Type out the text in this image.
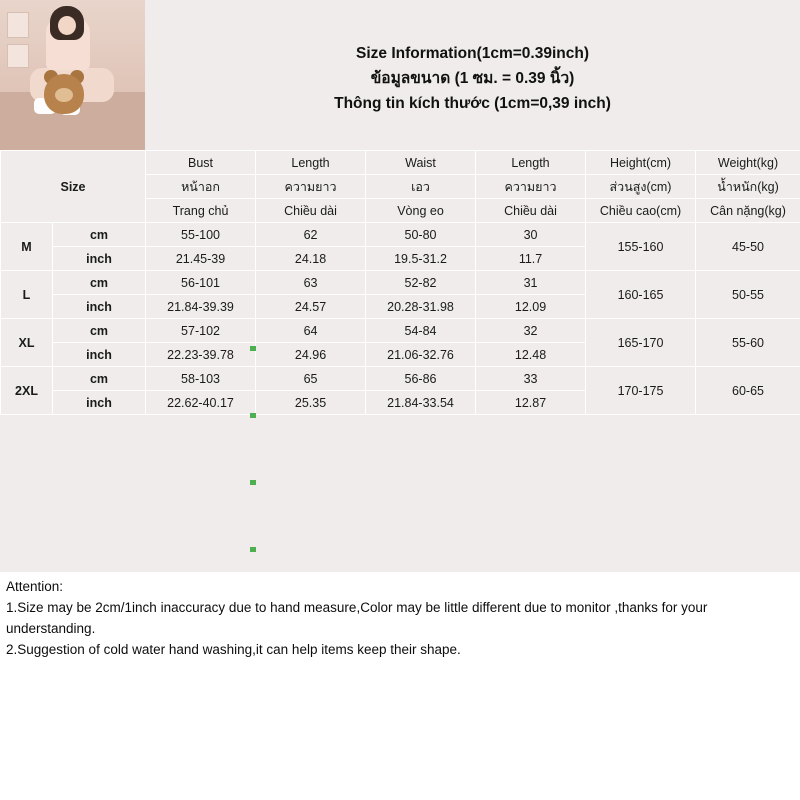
Size Information(1cm=0.39inch)
ข้อมูลขนาด (1 ซม. = 0.39 นิ้ว)
Thông tin kích thước (1cm=0,39 inch)
Size		Bust	Length	Waist	Length	Height(cm)	Weight(kg)
		หน้าอก	ความยาว	เอว	ความยาว	ส่วนสูง(cm)	น้ำหนัก(kg)
		Trang chủ	Chiều dài	Vòng eo	Chiều dài	Chiều cao(cm)	Cân nặng(kg)
M	cm	55-100	62	50-80	30	155-160	45-50
	inch	21.45-39	24.18	19.5-31.2	11.7		
L	cm	56-101	63	52-82	31	160-165	50-55
	inch	21.84-39.39	24.57	20.28-31.98	12.09		
XL	cm	57-102	64	54-84	32	165-170	55-60
	inch	22.23-39.78	24.96	21.06-32.76	12.48		
2XL	cm	58-103	65	56-86	33	170-175	60-65
	inch	22.62-40.17	25.35	21.84-33.54	12.87		

Attention:

1.Size may be 2cm/1inch inaccuracy due to hand measure,Color may be little different due to monitor ,thanks for your

understanding.

2.Suggestion of cold water hand washing,it can help items keep their shape.
